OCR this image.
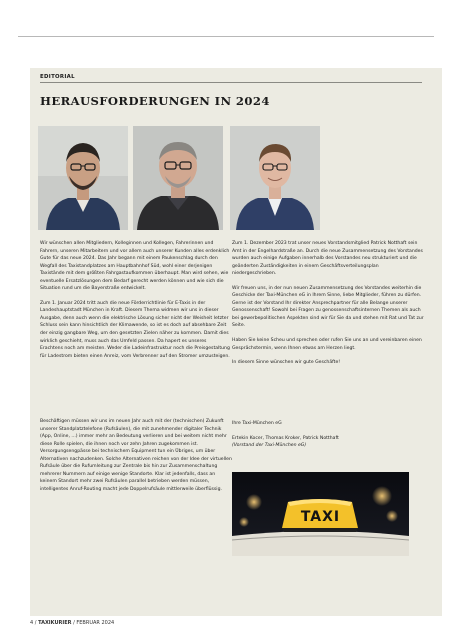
EDITORIAL
HERAUSFORDERUNGEN IN 2024

Wir wünschen allen Mitgliedern, Kolleginnen und Kollegen, Fahrerinnen und Fahrern, unseren Mitarbeitern und vor allem auch unserer Kunden alles erdenklich Gute für das neue 2024. Das Jahr begann mit einem Paukenschlag durch den Wegfall des Taxistandplatzes am Hauptbahnhof Süd, wohl einer derjenigen Taxistände mit dem größten Fahrgastaufkommen überhaupt. Man wird sehen, wie eventuelle Ersatzlösungen dem Bedarf gerecht werden können und wie sich die Situation rund um die Bayerstraße entwickelt.

Zum 1. Januar 2024 tritt auch die neue Förderrichtlinie für E-Taxis in der Landeshauptstadt München in Kraft. Diesem Thema widmen wir uns in dieser Ausgabe, denn auch wenn die elektrische Lösung sicher nicht der Weisheit letzter Schluss sein kann hinsichtlich der Klimawende, so ist es doch auf absehbare Zeit der einzig gangbare Weg, um den gesetzten Zielen näher zu kommen. Damit dies wirklich geschieht, muss auch das Umfeld passen. Da hapert es unseres Erachtens noch am meisten. Weder die Ladeinfrastruktur noch die Preisgestaltung für Ladestrom bieten einen Anreiz, vom Verbrenner auf den Stromer umzusteigen.

Beschäftigen müssen wir uns im neuen Jahr auch mit der (technischen) Zukunft unserer Standplatztelefone (Rufsäulen), die mit zunehmender digitaler Technik (App, Online, ...) immer mehr an Bedeutung verlieren und bei weitem nicht mehr diese Rolle spielen, die ihnen noch vor zehn Jahren zugekommen ist. Versorgungsengpässe bei technischem Equipment tun ein Übriges, um über Alternativen nachzudenken. Solche Alternativen reichen von der Idee der virtuellen Rufsäule über die Rufumleitung zur Zentrale bis hin zur Zusammenschaltung mehrerer Nummern auf einige wenige Standorte. Klar ist jedenfalls, dass an keinem Standort mehr zwei Rufsäulen parallel betrieben werden müssen, intelligentes Anruf-Routing macht jede Doppelrufsäule mittlerweile überflüssig.

Zum 1. Dezember 2023 trat unser neues Vorstandsmitglied Patrick Notthaft sein Amt in der Engelhardstraße an. Durch die neue Zusammensetzung des Vorstandes wurden auch einige Aufgaben innerhalb des Vorstandes neu strukturiert und die geänderten Zuständigkeiten in einem Geschäftsverteilungsplan niedergeschrieben.

Wir freuen uns, in der nun neuen Zusammensetzung des Vorstandes weiterhin die Geschicke der Taxi-München eG in Ihrem Sinne, liebe Mitglieder, führen zu dürfen. Gerne ist der Vorstand Ihr direkter Ansprechpartner für alle Belange unserer Genossenschaft! Sowohl bei Fragen zu genossenschaftsinternen Themen als auch bei gewerbepolitischen Aspekten sind wir für Sie da und stehen mit Rat und Tat zur Seite.

Haben Sie keine Scheu und sprechen oder rufen Sie uns an und vereinbaren einen Gesprächstermin, wenn Ihnen etwas am Herzen liegt.

In diesem Sinne wünschen wir gute Geschäfte!

Ihre Taxi-München eG

Ertekin Kocer, Thomas Kroker, Patrick Notthaft

(Vorstand der Taxi-München eG)

TAXI
4 / TAXIKURIER / FEBRUAR 2024
